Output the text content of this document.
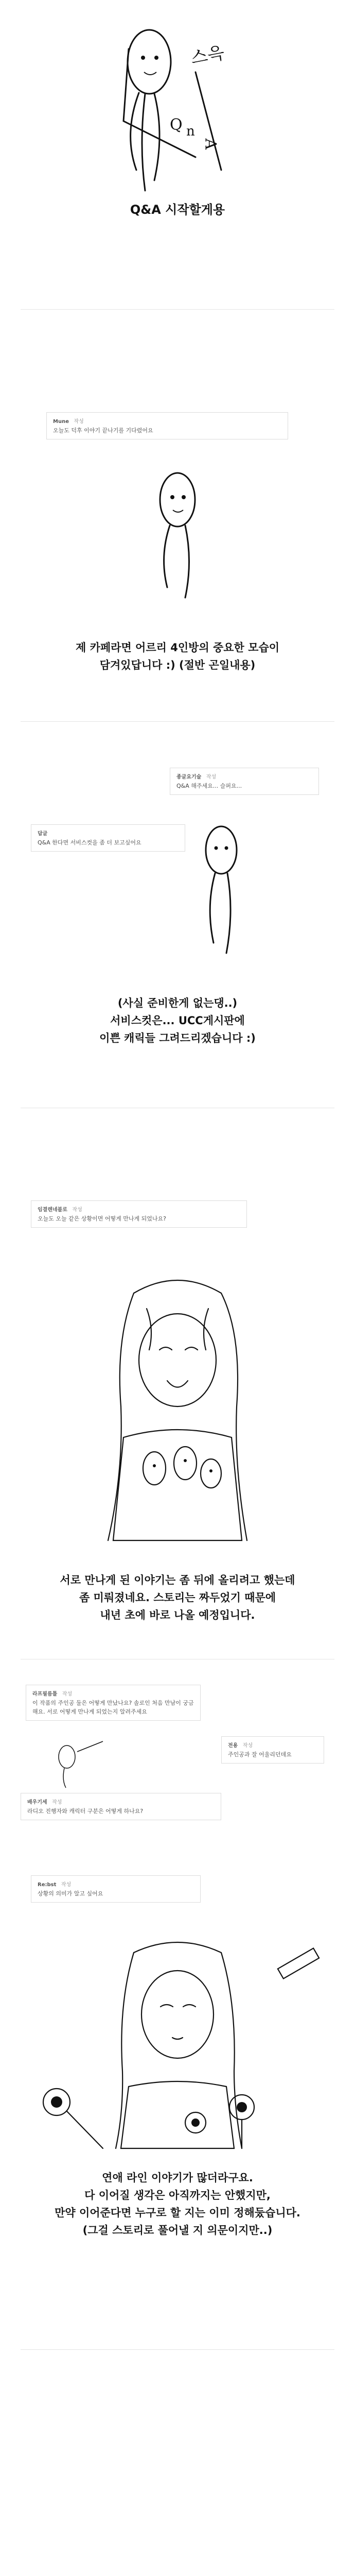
스윽
Q n
A
Q&A 시작할게용
Mune 작성
오늘도 덕후 이야기 끝나기를 기다렸어요
제 카페라면 어르리 4인방의 중요한 모습이
담겨있답니다 :) (절반 곤일내용)
종글요기술 작성
Q&A 해주세요... 슬퍼요...
답글
Q&A 한다면 서비스컷을 좀 더 보고싶어요
(사실 준비한게 없는댕..)
서비스컷은... UCC게시판에
이쁜 캐릭들 그려드리겠습니다 :)
임결렌네블로 작성
오늘도 오늘 같은 상황이면 어떻게 만나게 되었나요?
서로 만나게 된 이야기는 좀 뒤에 올리려고 했는데
좀 미뤄졌네요. 스토리는 짜두었기 때문에
내년 초에 바로 나올 예정입니다.
라프필름틀 작성
이 작품의 주인공 둘은 어떻게 만났나요? 솔로인 처음 만남이 궁금해요. 서로 어떻게 만나게 되었는지 알려주세요
전용 작성
주인공과 잘 어울리던데요
배우기세 작성
라디오 진행자와 캐릭터 구분은 어떻게 하나요?
Re:bst 작성
상황의 의미가 알고 싶어요
연애 라인 이야기가 많더라구요.
다 이어질 생각은 아직까지는 안했지만,
만약 이어준다면 누구로 할 지는 이미 정해둤습니다.
(그걸 스토리로 풀어낼 지 의문이지만..)
